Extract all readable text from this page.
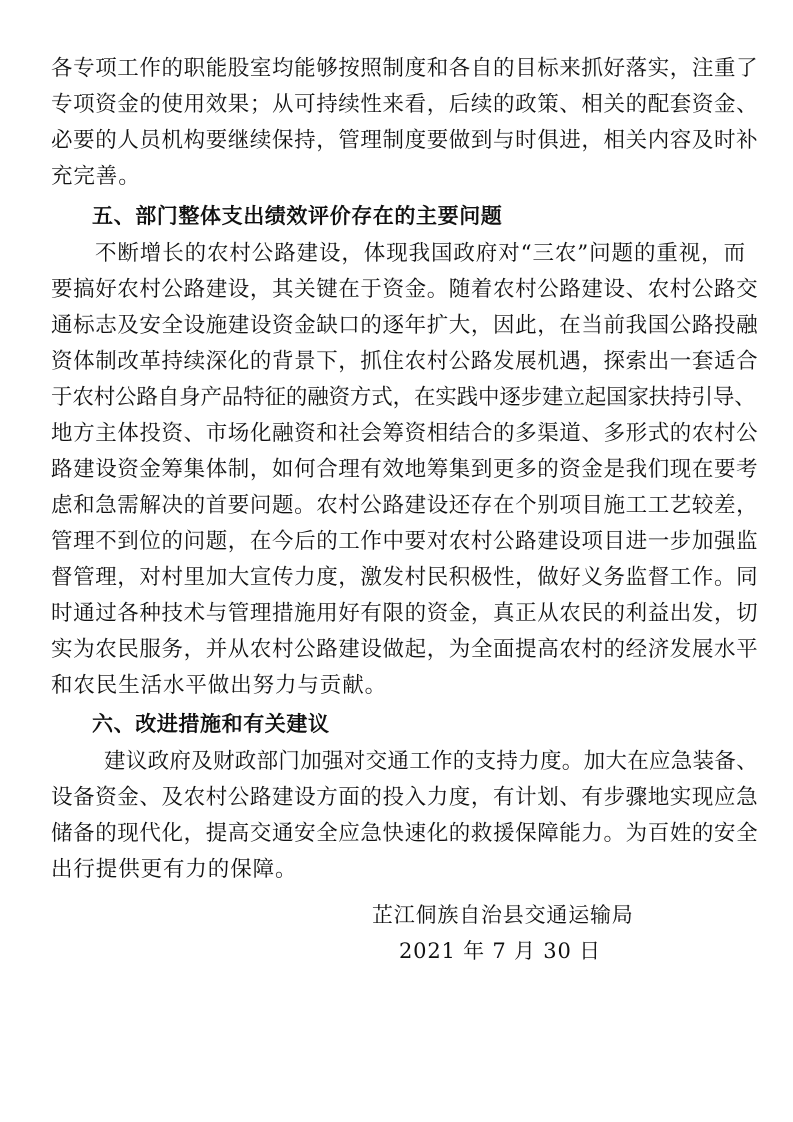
各专项工作的职能股室均能够按照制度和各自的目标来抓好落实，注重了
专项资金的使用效果；从可持续性来看，后续的政策、相关的配套资金、
必要的人员机构要继续保持，管理制度要做到与时俱进，相关内容及时补
充完善。
五、部门整体支出绩效评价存在的主要问题
不断增长的农村公路建设，体现我国政府对“三农”问题的重视，而
要搞好农村公路建设，其关键在于资金。随着农村公路建设、农村公路交
通标志及安全设施建设资金缺口的逐年扩大，因此，在当前我国公路投融
资体制改革持续深化的背景下，抓住农村公路发展机遇，探索出一套适合
于农村公路自身产品特征的融资方式，在实践中逐步建立起国家扶持引导、
地方主体投资、市场化融资和社会筹资相结合的多渠道、多形式的农村公
路建设资金筹集体制，如何合理有效地筹集到更多的资金是我们现在要考
虑和急需解决的首要问题。农村公路建设还存在个别项目施工工艺较差，
管理不到位的问题，在今后的工作中要对农村公路建设项目进一步加强监
督管理，对村里加大宣传力度，激发村民积极性，做好义务监督工作。同
时通过各种技术与管理措施用好有限的资金，真正从农民的利益出发，切
实为农民服务，并从农村公路建设做起，为全面提高农村的经济发展水平
和农民生活水平做出努力与贡献。
六、改进措施和有关建议
建议政府及财政部门加强对交通工作的支持力度。加大在应急装备、
设备资金、及农村公路建设方面的投入力度，有计划、有步骤地实现应急
储备的现代化，提高交通安全应急快速化的救援保障能力。为百姓的安全
出行提供更有力的保障。
芷江侗族自治县交通运输局
2021 年 7 月 30 日
